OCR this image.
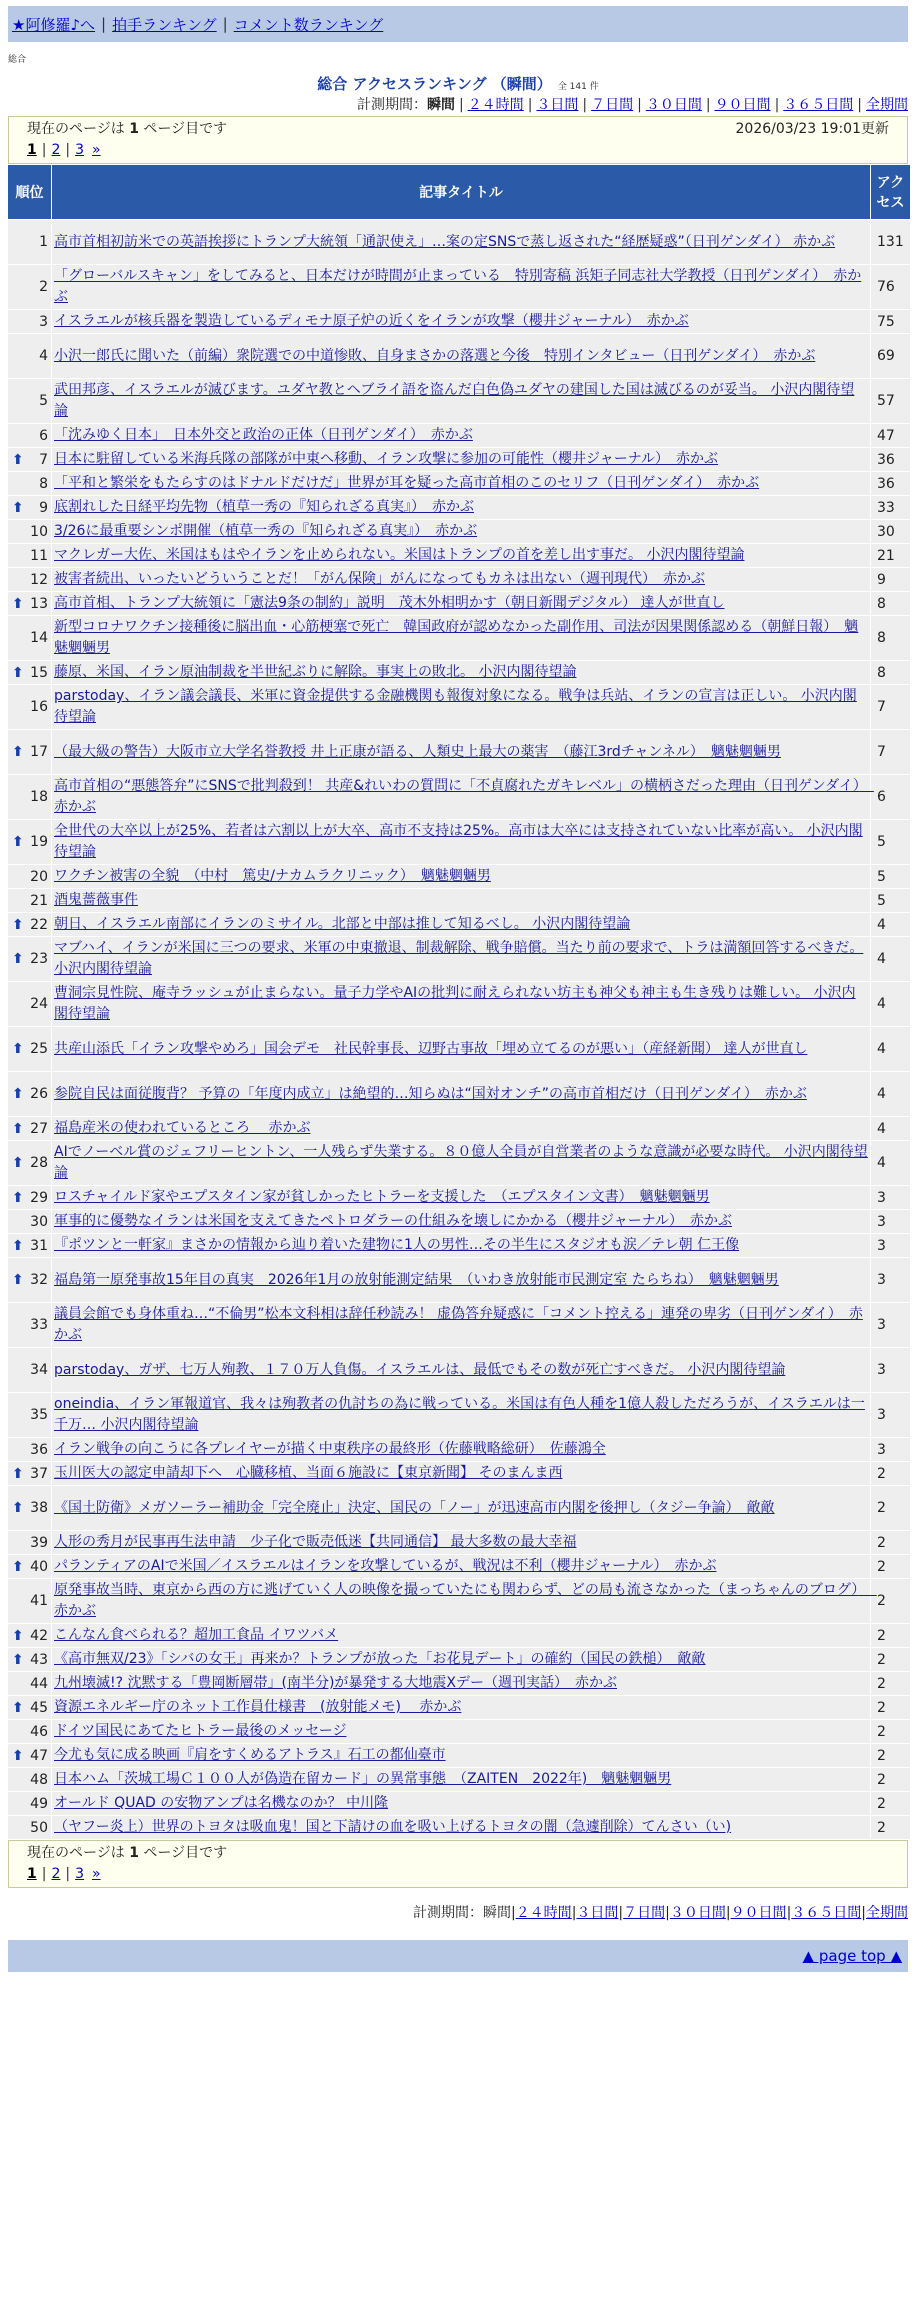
★阿修羅♪へ | 拍手ランキング | コメント数ランキング
総合
総合 アクセスランキング （瞬間） 全 141 件
計測期間：瞬間 | ２４時間 | ３日間 | ７日間 | ３０日間 | ９０日間 | ３６５日間 | 全期間
現在のページは 1 ページ目です	2026/03/23 19:01更新
1 | 2 | 3 »
順位	記事タイトル	アクセス
1	高市首相初訪米での英語挨拶にトランプ大統領「通訳使え」…案の定SNSで蒸し返された“経歴疑惑”（日刊ゲンダイ） 赤かぶ	131
2	「グローバルスキャン」をしてみると、日本だけが時間が止まっている　特別寄稿 浜矩子同志社大学教授（日刊ゲンダイ）　赤かぶ	76
3	イスラエルが核兵器を製造しているディモナ原子炉の近くをイランが攻撃（櫻井ジャーナル）　赤かぶ	75
4	小沢一郎氏に聞いた（前編）衆院選での中道惨敗、自身まさかの落選と今後　特別インタビュー（日刊ゲンダイ）　赤かぶ	69
5	武田邦彦、イスラエルが滅びます。ユダヤ教とヘブライ語を盗んだ白色偽ユダヤの建国した国は滅びるのが妥当。 小沢内閣待望論	57
6	「沈みゆく日本」　日本外交と政治の正体（日刊ゲンダイ）　赤かぶ	47

⬆ 7	日本に駐留している米海兵隊の部隊が中東へ移動、イラン攻撃に参加の可能性（櫻井ジャーナル）　赤かぶ	36
8	「平和と繁栄をもたらすのはドナルドだけだ」世界が耳を疑った高市首相のこのセリフ（日刊ゲンダイ）　赤かぶ	36

⬆ 9	底割れした日経平均先物（植草一秀の『知られざる真実』）　赤かぶ	33
10	3/26に最重要シンポ開催（植草一秀の『知られざる真実』）　赤かぶ	30
11	マクレガー大佐、米国はもはやイランを止められない。米国はトランプの首を差し出す事だ。 小沢内閣待望論	21
12	被害者続出、いったいどういうことだ！「がん保険」がんになってもカネは出ない（週刊現代）　赤かぶ	9

⬆ 13	高市首相、トランプ大統領に「憲法9条の制約」説明　茂木外相明かす（朝日新聞デジタル） 達人が世直し	8
14	新型コロナワクチン接種後に脳出血・心筋梗塞で死亡　韓国政府が認めなかった副作用、司法が因果関係認める（朝鮮日報）　魑魅魍魎男	8

⬆ 15	藤原、米国、イラン原油制裁を半世紀ぶりに解除。事実上の敗北。 小沢内閣待望論	8
16	parstoday、イラン議会議長、米軍に資金提供する金融機関も報復対象になる。戦争は兵站、イランの宣言は正しい。 小沢内閣待望論	7

⬆ 17	（最大級の警告）大阪市立大学名誉教授 井上正康が語る、人類史上最大の薬害　（藤江3rdチャンネル）　魑魅魍魎男	7
18	高市首相の“悪態答弁”にSNSで批判殺到！ 共産&れいわの質問に「不貞腐れたガキレベル」の横柄さだった理由（日刊ゲンダイ）　赤かぶ	6

⬆ 19	全世代の大卒以上が25%、若者は六割以上が大卒、高市不支持は25%。高市は大卒には支持されていない比率が高い。 小沢内閣待望論	5
20	ワクチン被害の全貌　（中村　篤史/ナカムラクリニック）　魑魅魍魎男	5
21	酒鬼薔薇事件	5

⬆ 22	朝日、イスラエル南部にイランのミサイル。北部と中部は推して知るべし。 小沢内閣待望論	4

⬆ 23	マブハイ、イランが米国に三つの要求、米軍の中東撤退、制裁解除、戦争賠償。当たり前の要求で、トラは満額回答するべきだ。 小沢内閣待望論	4
24	曹洞宗見性院、庵寺ラッシュが止まらない。量子力学やAIの批判に耐えられない坊主も神父も神主も生き残りは難しい。 小沢内閣待望論	4

⬆ 25	共産山添氏「イラン攻撃やめろ」国会デモ　社民幹事長、辺野古事故「埋め立てるのが悪い」（産経新聞） 達人が世直し	4

⬆ 26	参院自民は面従腹背？ 予算の「年度内成立」は絶望的…知らぬは“国対オンチ”の高市首相だけ（日刊ゲンダイ）　赤かぶ	4

⬆ 27	福島産米の使われているところ　 赤かぶ	4

⬆ 28	AIでノーベル賞のジェフリーヒントン、一人残らず失業する。８０億人全員が自営業者のような意識が必要な時代。 小沢内閣待望論	4

⬆ 29	ロスチャイルド家やエプスタイン家が貧しかったヒトラーを支援した　（エプスタイン文書）　魑魅魍魎男	3
30	軍事的に優勢なイランは米国を支えてきたペトロダラーの仕組みを壊しにかかる（櫻井ジャーナル）　赤かぶ	3

⬆ 31	『ポツンと一軒家』まさかの情報から辿り着いた建物に1人の男性…その半生にスタジオも涙／テレ朝 仁王像	3

⬆ 32	福島第一原発事故15年目の真実　2026年1月の放射能測定結果　（いわき放射能市民測定室 たらちね）　魑魅魍魎男	3
33	議員会館でも身体重ね…“不倫男”松本文科相は辞任秒読み！ 虚偽答弁疑惑に「コメント控える」連発の卑劣（日刊ゲンダイ）　赤かぶ	3
34	parstoday、ガザ、七万人殉教、１７０万人負傷。イスラエルは、最低でもその数が死亡すべきだ。 小沢内閣待望論	3
35	oneindia、イラン軍報道官、我々は殉教者の仇討ちの為に戦っている。米国は有色人種を1億人殺しただろうが、イスラエルは一千万… 小沢内閣待望論	3
36	イラン戦争の向こうに各プレイヤーが描く中東秩序の最終形（佐藤戦略総研）　佐藤鴻全	3

⬆ 37	玉川医大の認定申請却下へ　心臓移植、当面６施設に【東京新聞】 そのまんま西	2

⬆ 38	《国土防衛》メガソーラー補助金「完全廃止」決定、国民の「ノー」が迅速高市内閣を後押し（タジー争論）　敵敵	2
39	人形の秀月が民事再生法申請　少子化で販売低迷【共同通信】 最大多数の最大幸福	2

⬆ 40	パランティアのAIで米国／イスラエルはイランを攻撃しているが、戦況は不利（櫻井ジャーナル）　赤かぶ	2
41	原発事故当時、東京から西の方に逃げていく人の映像を撮っていたにも関わらず、どの局も流さなかった（まっちゃんのブログ）　 赤かぶ	2

⬆ 42	こんなん食べられる？超加工食品 イワツバメ	2

⬆ 43	《高市無双/23》「シバの女王」再来か？トランプが放った「お花見デート」の確約（国民の鉄槌）　敵敵	2
44	九州壊滅!? 沈黙する「豊岡断層帯」(南半分)が暴発する大地震Xデー（週刊実話）　赤かぶ	2

⬆ 45	資源エネルギー庁のネット工作員仕様書　(放射能メモ)　 赤かぶ	2
46	ドイツ国民にあてたヒトラー最後のメッセージ	2

⬆ 47	今尤も気に成る映画『肩をすくめるアトラス』石工の都仙臺市	2
48	日本ハム「茨城工場Ｃ１００人が偽造在留カード」の異常事態　（ZAITEN　2022年)　魑魅魍魎男	2
49	オールド QUAD の安物アンプは名機なのか？ 中川隆	2
50	（ヤフー炎上）世界のトヨタは吸血鬼！国と下請けの血を吸い上げるトヨタの闇（急遽削除）てんさい（い)	2
現在のページは 1 ページ目です
1 | 2 | 3 »
計測期間：瞬間|２４時間|３日間|７日間|３０日間|９０日間|３６５日間|全期間
▲ page top ▲
